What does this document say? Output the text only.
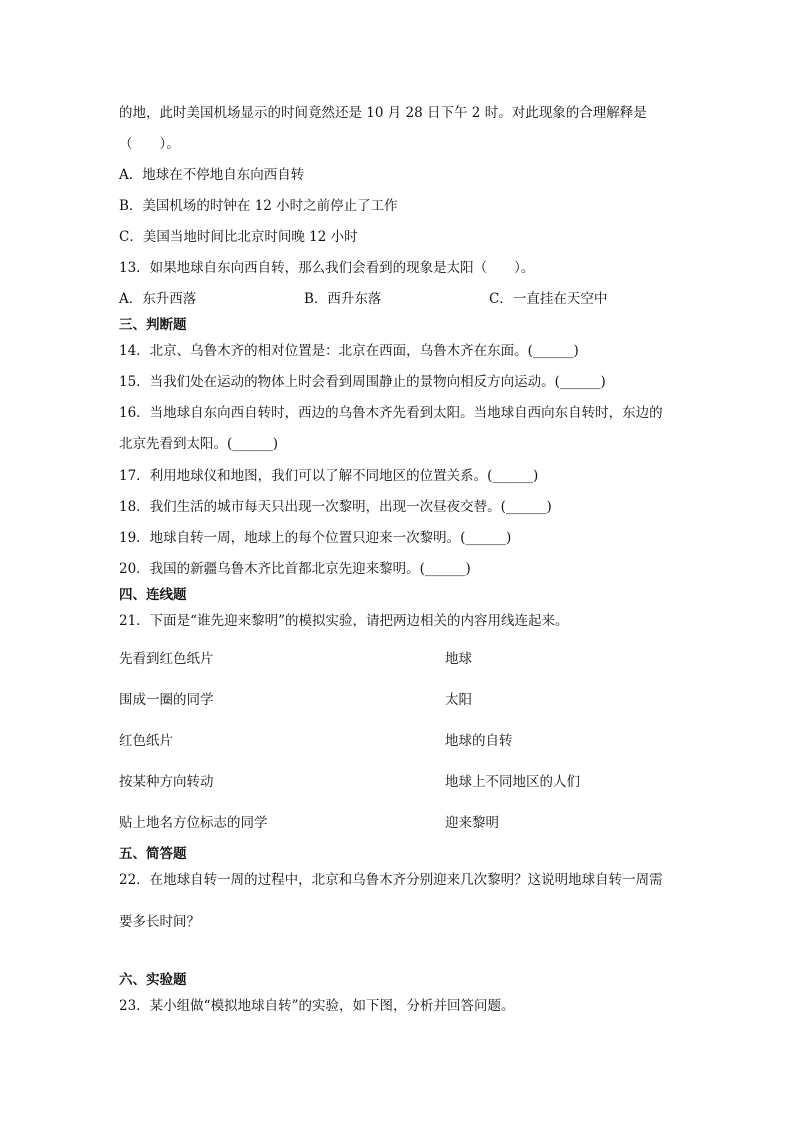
的地，此时美国机场显示的时间竟然还是 10 月 28 日下午 2 时。对此现象的合理解释是
（　　）。
A．地球在不停地自东向西自转
B．美国机场的时钟在 12 小时之前停止了工作
C．美国当地时间比北京时间晚 12 小时
13．如果地球自东向西自转，那么我们会看到的现象是太阳（　　）。
A．东升西落	B．西升东落	C．一直挂在天空中
三、判断题
14．北京、乌鲁木齐的相对位置是：北京在西面，乌鲁木齐在东面。(______)
15．当我们处在运动的物体上时会看到周围静止的景物向相反方向运动。(______)
16．当地球自东向西自转时，西边的乌鲁木齐先看到太阳。当地球自西向东自转时，东边的
北京先看到太阳。(______)
17．利用地球仪和地图，我们可以了解不同地区的位置关系。(______)
18．我们生活的城市每天只出现一次黎明，出现一次昼夜交替。(______)
19．地球自转一周，地球上的每个位置只迎来一次黎明。(______)
20．我国的新疆乌鲁木齐比首都北京先迎来黎明。(______)
四、连线题
21．下面是“谁先迎来黎明”的模拟实验，请把两边相关的内容用线连起来。
先看到红色纸片	地球
围成一圈的同学	太阳
红色纸片	地球的自转
按某种方向转动	地球上不同地区的人们
贴上地名方位标志的同学	迎来黎明
五、简答题
22．在地球自转一周的过程中，北京和乌鲁木齐分别迎来几次黎明？这说明地球自转一周需
要多长时间？
六、实验题
23．某小组做“模拟地球自转”的实验，如下图，分析并回答问题。
